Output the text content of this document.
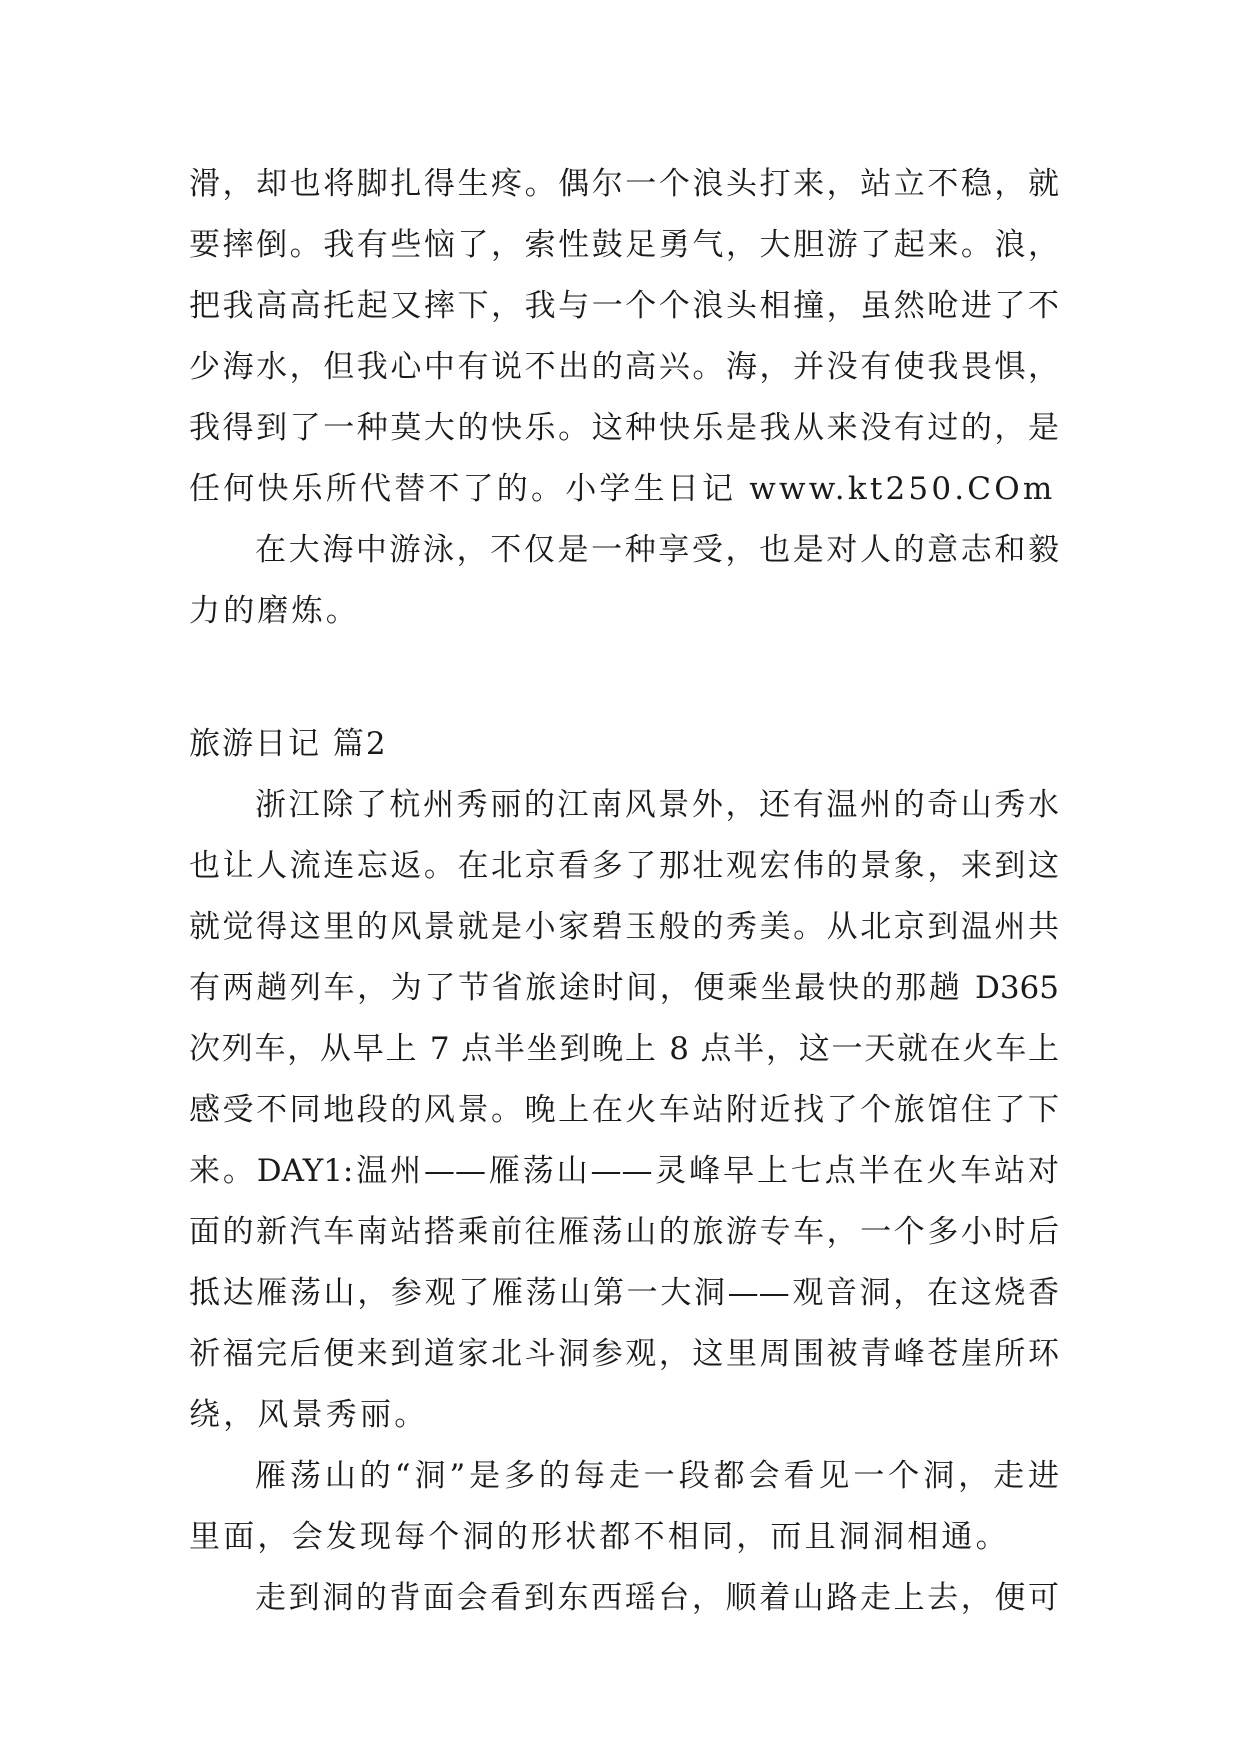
滑，却也将脚扎得生疼。偶尔一个浪头打来，站立不稳，就
要摔倒。我有些恼了，索性鼓足勇气，大胆游了起来。浪，
把我高高托起又摔下，我与一个个浪头相撞，虽然呛进了不
少海水，但我心中有说不出的高兴。海，并没有使我畏惧，
我得到了一种莫大的快乐。这种快乐是我从来没有过的，是
任何快乐所代替不了的。小学生日记 www.kt250.COm
在大海中游泳，不仅是一种享受，也是对人的意志和毅
力的磨炼。
旅游日记 篇2
浙江除了杭州秀丽的江南风景外，还有温州的奇山秀水
也让人流连忘返。在北京看多了那壮观宏伟的景象，来到这
就觉得这里的风景就是小家碧玉般的秀美。从北京到温州共
有两趟列车，为了节省旅途时间，便乘坐最快的那趟 D365
次列车，从早上 7 点半坐到晚上 8 点半，这一天就在火车上
感受不同地段的风景。晚上在火车站附近找了个旅馆住了下
来。DAY1:温州——雁荡山——灵峰早上七点半在火车站对
面的新汽车南站搭乘前往雁荡山的旅游专车，一个多小时后
抵达雁荡山，参观了雁荡山第一大洞——观音洞，在这烧香
祈福完后便来到道家北斗洞参观，这里周围被青峰苍崖所环
绕，风景秀丽。
雁荡山的“洞”是多的每走一段都会看见一个洞，走进
里面，会发现每个洞的形状都不相同，而且洞洞相通。
走到洞的背面会看到东西瑶台，顺着山路走上去，便可
